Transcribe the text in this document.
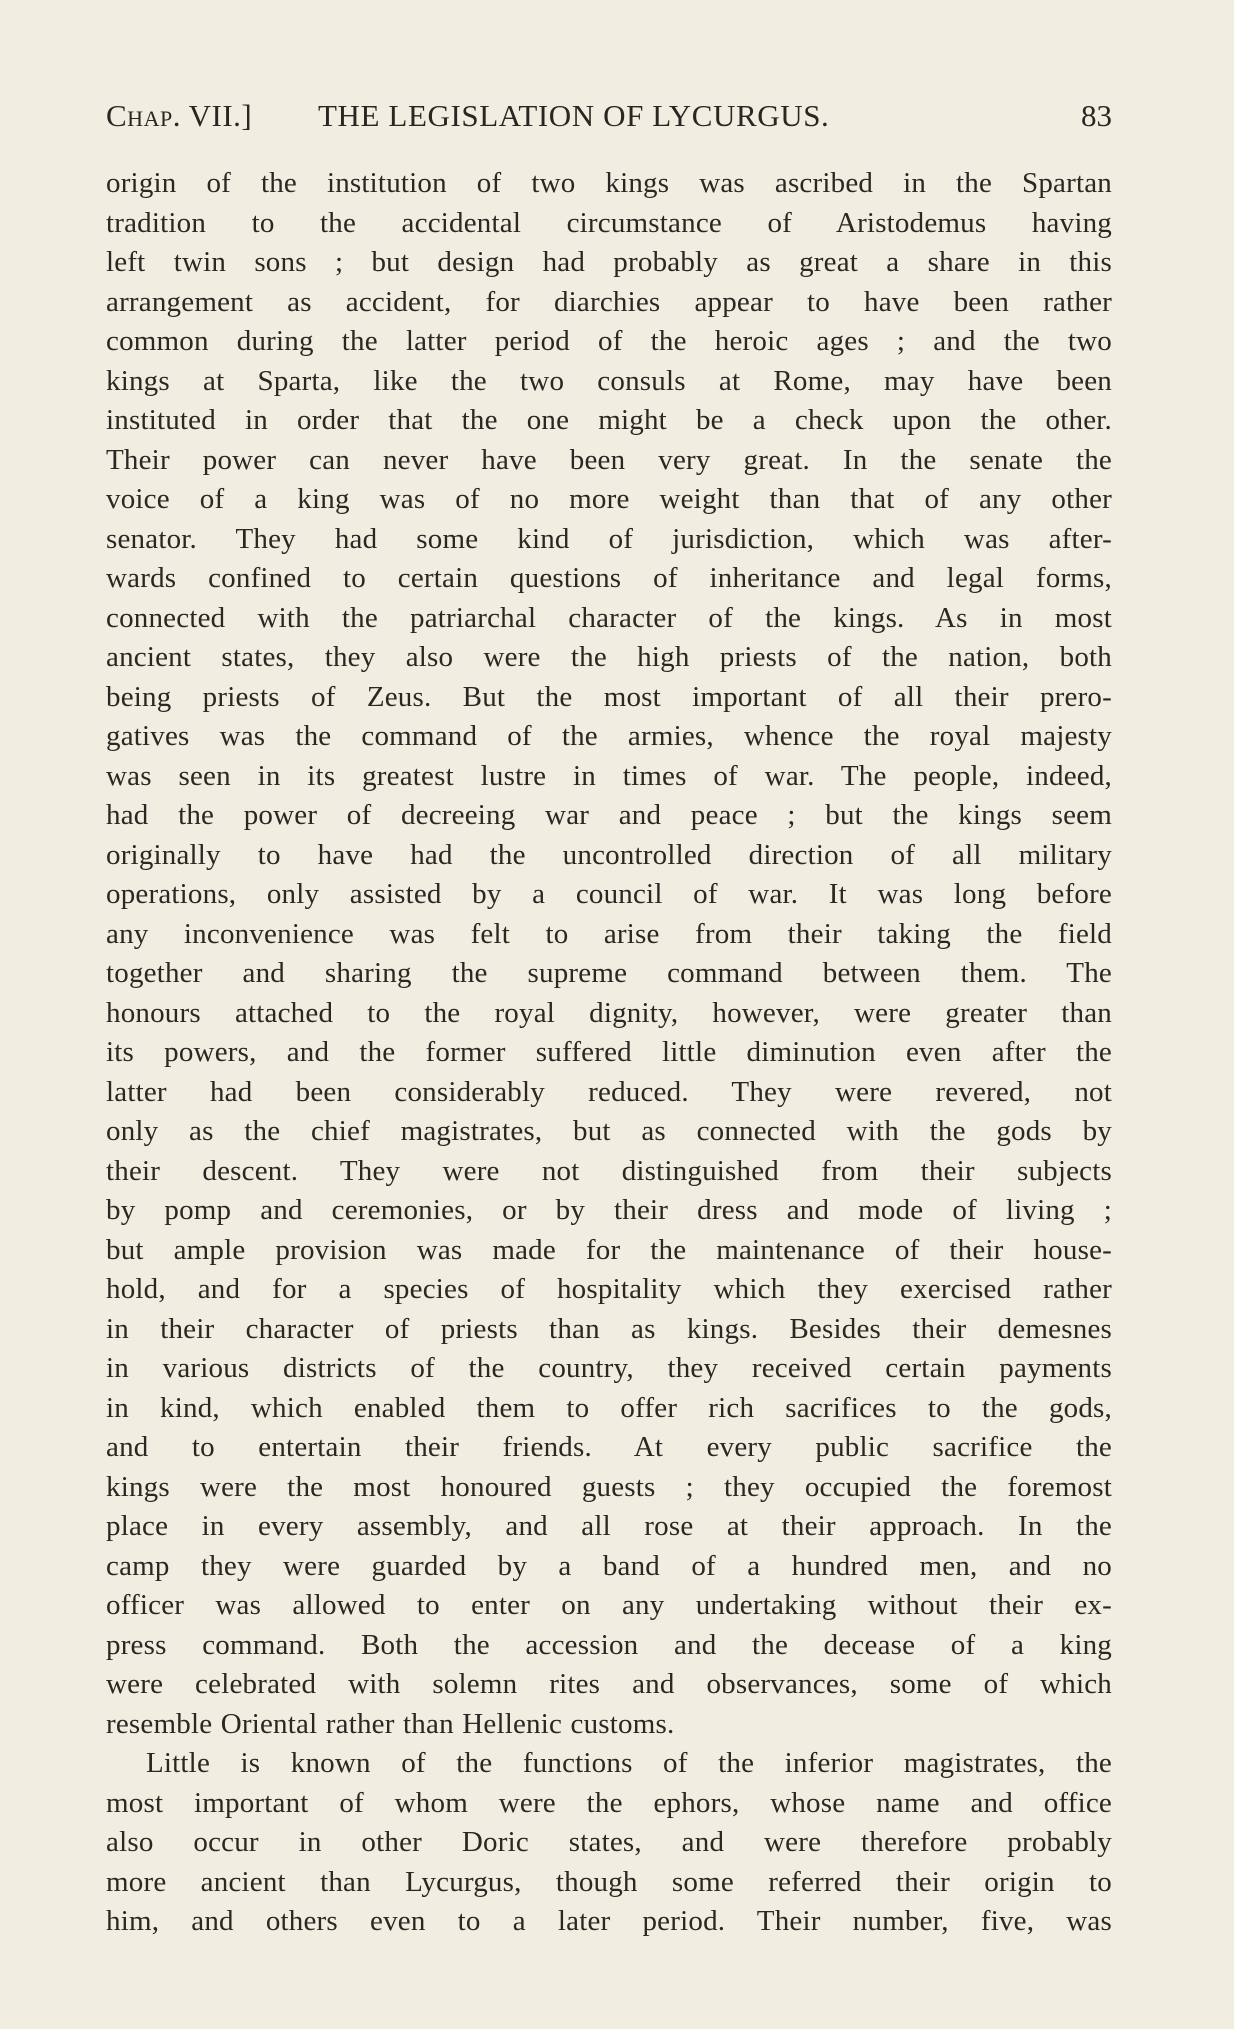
Chap. VII.] THE LEGISLATION OF LYCURGUS.	83
origin of the institution of two kings was ascribed in the Spartan
tradition to the accidental circumstance of Aristodemus having
left twin sons ; but design had probably as great a share in this
arrangement as accident, for diarchies appear to have been rather
common during the latter period of the heroic ages ; and the two
kings at Sparta, like the two consuls at Rome, may have been
instituted in order that the one might be a check upon the other.
Their power can never have been very great. In the senate the
voice of a king was of no more weight than that of any other
senator. They had some kind of jurisdiction, which was after-
wards confined to certain questions of inheritance and legal forms,
connected with the patriarchal character of the kings. As in most
ancient states, they also were the high priests of the nation, both
being priests of Zeus. But the most important of all their prero-
gatives was the command of the armies, whence the royal majesty
was seen in its greatest lustre in times of war. The people, indeed,
had the power of decreeing war and peace ; but the kings seem
originally to have had the uncontrolled direction of all military
operations, only assisted by a council of war. It was long before
any inconvenience was felt to arise from their taking the field
together and sharing the supreme command between them. The
honours attached to the royal dignity, however, were greater than
its powers, and the former suffered little diminution even after the
latter had been considerably reduced. They were revered, not
only as the chief magistrates, but as connected with the gods by
their descent. They were not distinguished from their subjects
by pomp and ceremonies, or by their dress and mode of living ;
but ample provision was made for the maintenance of their house-
hold, and for a species of hospitality which they exercised rather
in their character of priests than as kings. Besides their demesnes
in various districts of the country, they received certain payments
in kind, which enabled them to offer rich sacrifices to the gods,
and to entertain their friends. At every public sacrifice the
kings were the most honoured guests ; they occupied the foremost
place in every assembly, and all rose at their approach. In the
camp they were guarded by a band of a hundred men, and no
officer was allowed to enter on any undertaking without their ex-
press command. Both the accession and the decease of a king
were celebrated with solemn rites and observances, some of which
resemble Oriental rather than Hellenic customs.
Little is known of the functions of the inferior magistrates, the
most important of whom were the ephors, whose name and office
also occur in other Doric states, and were therefore probably
more ancient than Lycurgus, though some referred their origin to
him, and others even to a later period. Their number, five, was
